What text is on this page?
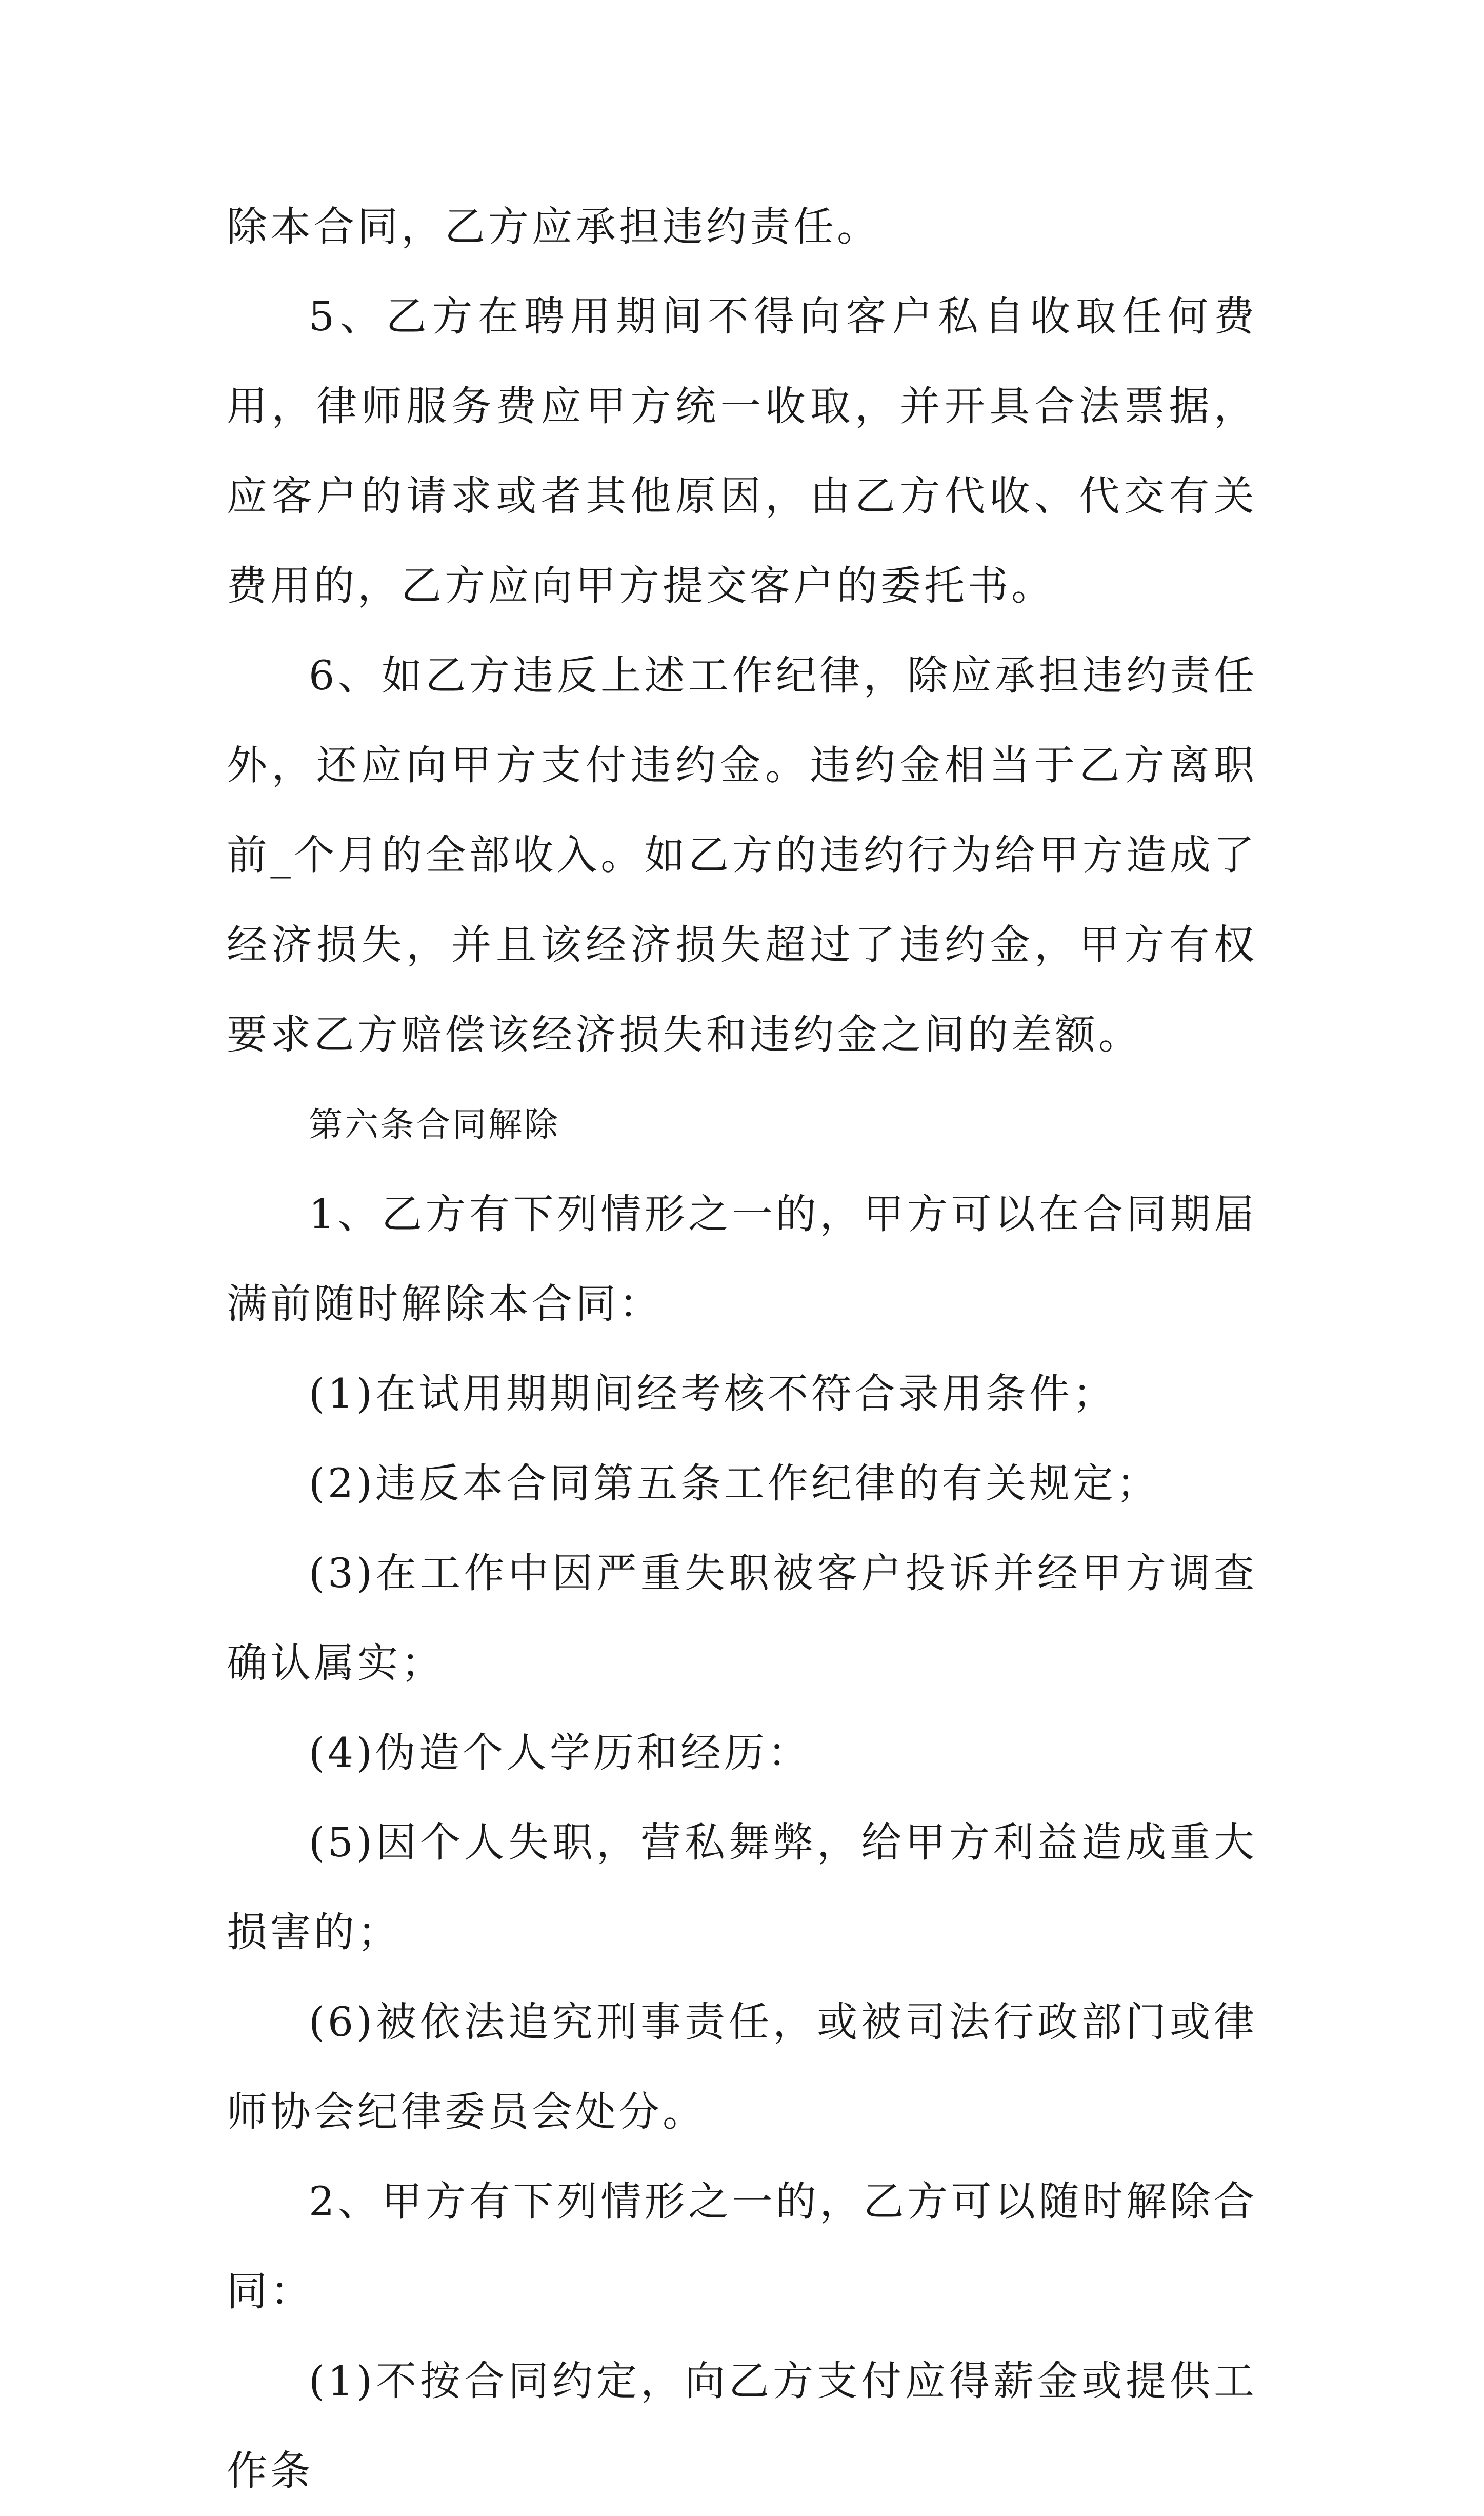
除本合同，乙方应承担违约责任。

5、乙方在聘用期间不得向客户私自收取任何费用，律师服务费应甲方统一收取，并开具合法票据，应客户的请求或者其他原因，由乙方代收、代交有关费用的，乙方应向甲方提交客户的委托书。

6、如乙方违反上述工作纪律，除应承担违约责任外，还应向甲方支付违约金。违约金相当于乙方离职前_个月的全部收入。如乙方的违约行为给甲方造成了经济损失，并且该经济损失超过了违约金，甲方有权要求乙方赔偿该经济损失和违约金之间的差额。

第六条合同解除

1、乙方有下列情形之一的，甲方可以在合同期届满前随时解除本合同：

(1)在试用期期间经考核不符合录用条件；

(2)违反本合同第五条工作纪律的有关规定；

(3)在工作中因严重失职被客户投诉并经甲方调查确认属实；

(4)伪造个人学历和经历：

(5)因个人失职，营私舞弊，给甲方利益造成重大损害的；

(6)被依法追究刑事责任，或被司法行政部门或律师协会纪律委员会处分。

2、甲方有下列情形之一的，乙方可以随时解除合同：

(1)不按合同约定，向乙方支付应得薪金或提供工作条
